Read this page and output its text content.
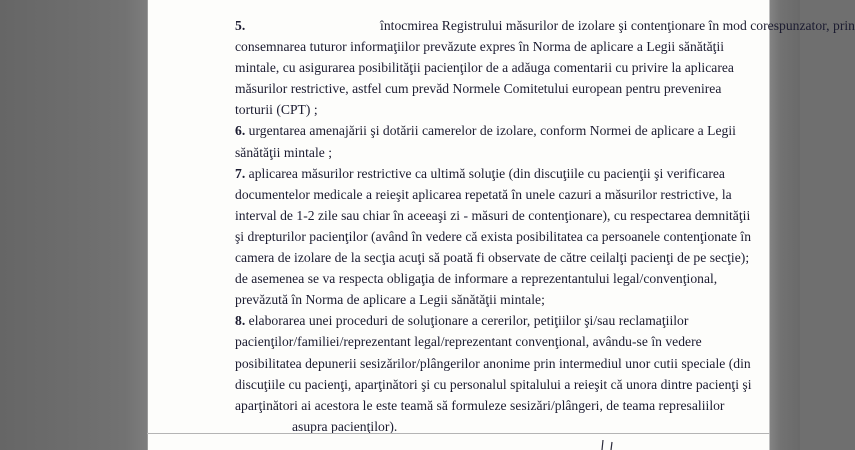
5.	întocmirea Registrului măsurilor de izolare şi contenţionare în mod corespunzator, prin
consemnarea tuturor informaţiilor prevăzute expres în Norma de aplicare a Legii sănătăţii
mintale, cu asigurarea posibilităţii pacienţilor de a adăuga comentarii cu privire la aplicarea
măsurilor restrictive, astfel cum prevăd Normele Comitetului european pentru prevenirea
torturii (CPT) ;
6. urgentarea amenajării şi dotării camerelor de izolare, conform Normei de aplicare a Legii
sănătăţii mintale ;
7. aplicarea măsurilor restrictive ca ultimă soluţie (din discuţiile cu pacienţii şi verificarea
documentelor medicale a reieşit aplicarea repetată în unele cazuri a măsurilor restrictive, la
interval de 1-2 zile sau chiar în aceeaşi zi - măsuri de contenţionare), cu respectarea demnităţii
şi drepturilor pacienţilor (având în vedere că exista posibilitatea ca persoanele contenţionate în
camera de izolare de la secţia acuţi să poată fi observate de către ceilalţi pacienţi de pe secţie);
de asemenea se va respecta obligaţia de informare a reprezentantului legal/convenţional,
prevăzută în Norma de aplicare a Legii sănătăţii mintale;
8. elaborarea unei proceduri de soluţionare a cererilor, petiţiilor şi/sau reclamaţiilor
pacienţilor/familiei/reprezentant legal/reprezentant convenţional, avându-se în vedere
posibilitatea depunerii sesizărilor/plângerilor anonime prin intermediul unor cutii speciale (din
discuţiile cu pacienţi, aparţinători şi cu personalul spitalului a reieşit că unora dintre pacienţi şi
aparţinători ai acestora le este teamă să formuleze sesizări/plângeri, de teama represaliilor
asupra pacienţilor).
